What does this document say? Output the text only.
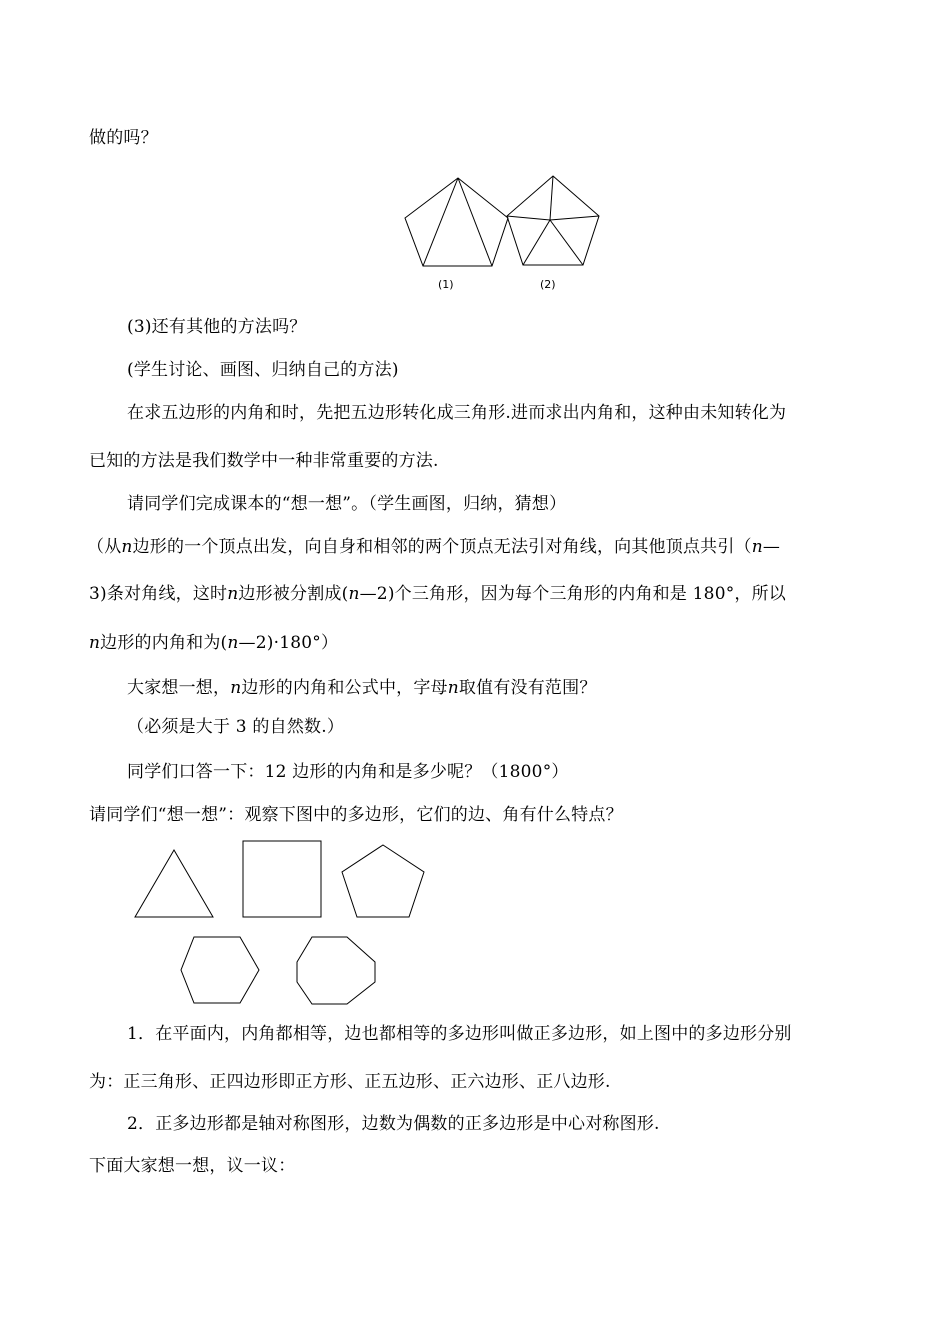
做的吗？
(1)	(2)
(3)还有其他的方法吗？
(学生讨论、画图、归纳自己的方法)
在求五边形的内角和时，先把五边形转化成三角形.进而求出内角和，这种由未知转化为
已知的方法是我们数学中一种非常重要的方法.
请同学们完成课本的“想一想”。（学生画图，归纳，猜想）
（从n边形的一个顶点出发，向自身和相邻的两个顶点无法引对角线，向其他顶点共引（n—
3)条对角线，这时n边形被分割成(n—2)个三角形，因为每个三角形的内角和是 180°，所以
n边形的内角和为(n—2)·180°）
大家想一想，n边形的内角和公式中，字母n取值有没有范围？
（必须是大于 3 的自然数.）
同学们口答一下：12 边形的内角和是多少呢？（1800°）
请同学们“想一想”：观察下图中的多边形，它们的边、角有什么特点？
1．在平面内，内角都相等，边也都相等的多边形叫做正多边形，如上图中的多边形分别
为：正三角形、正四边形即正方形、正五边形、正六边形、正八边形.
2．正多边形都是轴对称图形，边数为偶数的正多边形是中心对称图形.
下面大家想一想，议一议：
